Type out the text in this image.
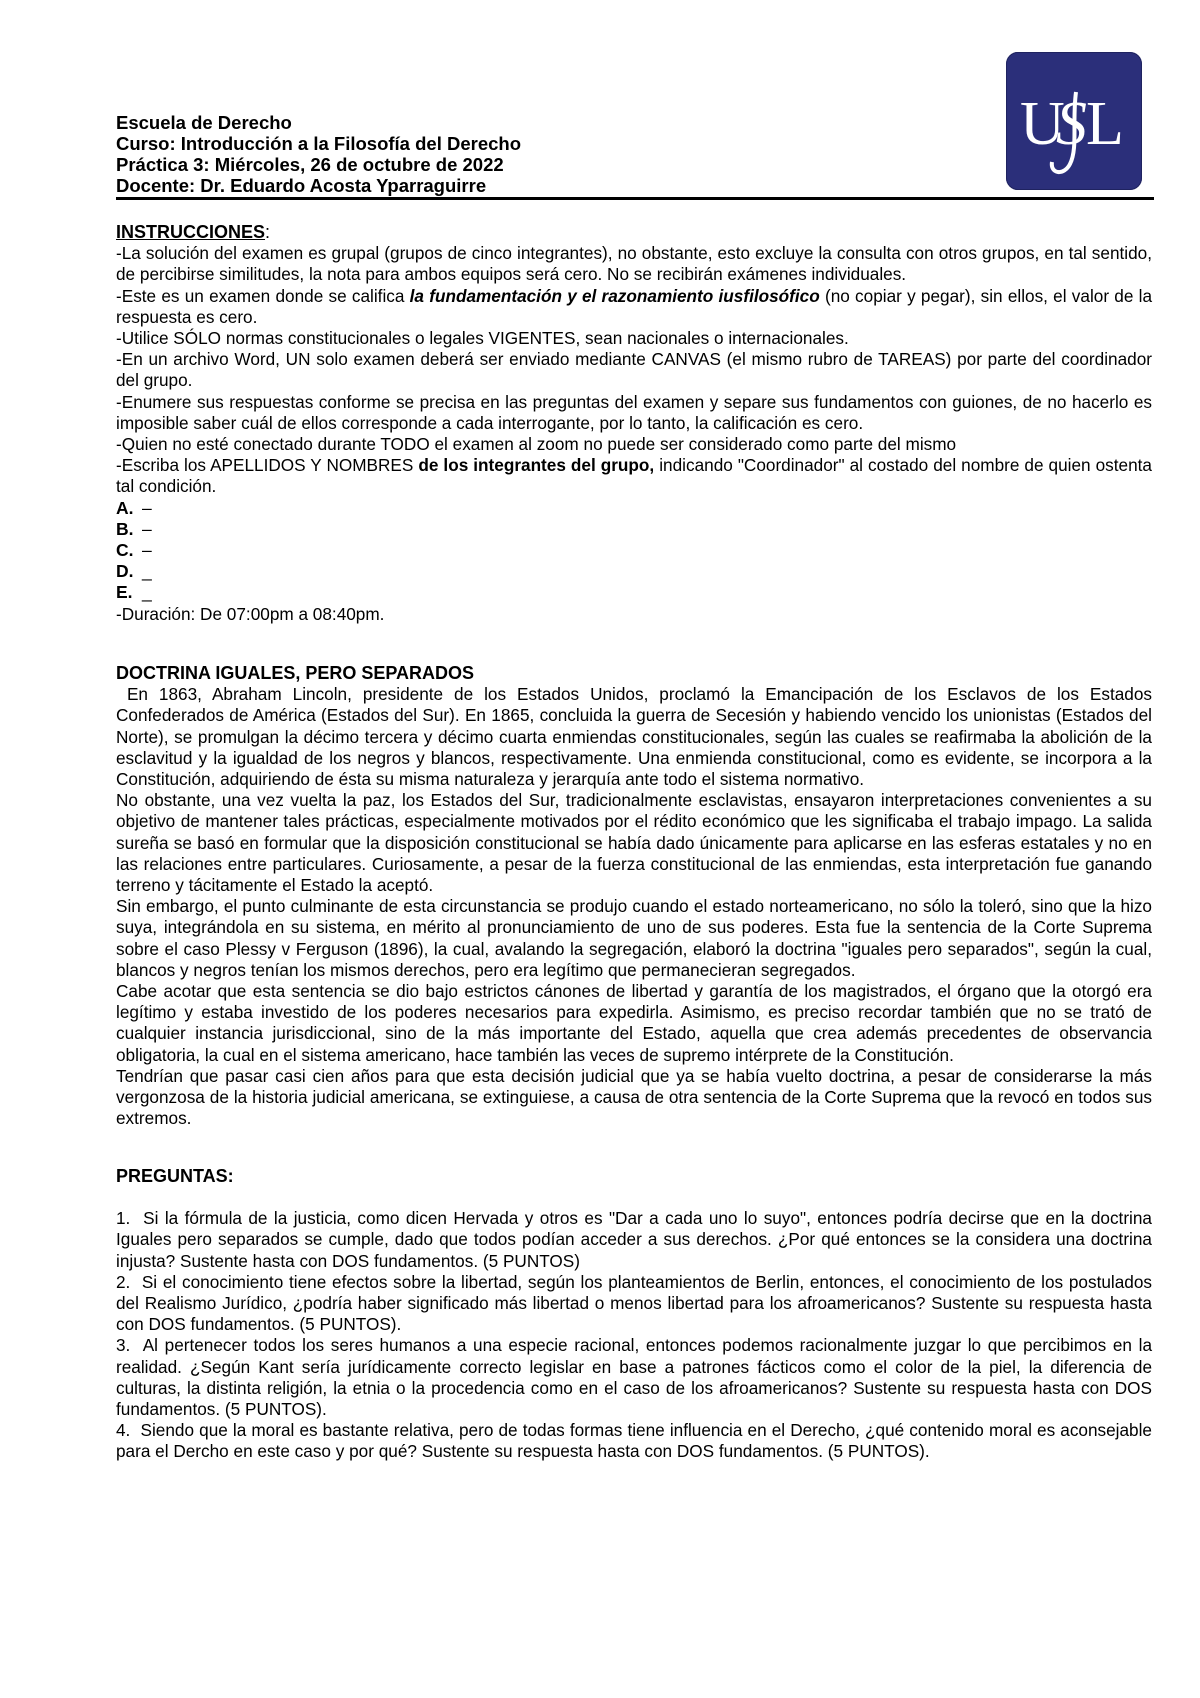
U
S L
Escuela de Derecho
Curso: Introducción a la Filosofía del Derecho
Práctica 3: Miércoles, 26 de octubre de 2022
Docente: Dr. Eduardo Acosta Yparraguirre

INSTRUCCIONES:

-La solución del examen es grupal (grupos de cinco integrantes), no obstante, esto excluye la consulta con otros grupos, en tal sentido, de percibirse similitudes, la nota para ambos equipos será cero. No se recibirán exámenes individuales.

-Este es un examen donde se califica la fundamentación y el razonamiento iusfilosófico (no copiar y pegar), sin ellos, el valor de la respuesta es cero.

-Utilice SÓLO normas constitucionales o legales VIGENTES, sean nacionales o internacionales.

-En un archivo Word, UN solo examen deberá ser enviado mediante CANVAS (el mismo rubro de TAREAS) por parte del coordinador del grupo.

-Enumere sus respuestas conforme se precisa en las preguntas del examen y separe sus fundamentos con guiones, de no hacerlo es imposible saber cuál de ellos corresponde a cada interrogante, por lo tanto, la calificación es cero.

-Quien no esté conectado durante TODO el examen al zoom no puede ser considerado como parte del mismo

-Escriba los APELLIDOS Y NOMBRES de los integrantes del grupo, indicando "Coordinador" al costado del nombre de quien ostenta tal condición.

A. –
B. –
C. –
D. _
E. _

-Duración: De 07:00pm a 08:40pm.

DOCTRINA IGUALES, PERO SEPARADOS

En 1863, Abraham Lincoln, presidente de los Estados Unidos, proclamó la Emancipación de los Esclavos de los Estados Confederados de América (Estados del Sur). En 1865, concluida la guerra de Secesión y habiendo vencido los unionistas (Estados del Norte), se promulgan la décimo tercera y décimo cuarta enmiendas constitucionales, según las cuales se reafirmaba la abolición de la esclavitud y la igualdad de los negros y blancos, respectivamente. Una enmienda constitucional, como es evidente, se incorpora a la Constitución, adquiriendo de ésta su misma naturaleza y jerarquía ante todo el sistema normativo.

No obstante, una vez vuelta la paz, los Estados del Sur, tradicionalmente esclavistas, ensayaron interpretaciones convenientes a su objetivo de mantener tales prácticas, especialmente motivados por el rédito económico que les significaba el trabajo impago. La salida sureña se basó en formular que la disposición constitucional se había dado únicamente para aplicarse en las esferas estatales y no en las relaciones entre particulares. Curiosamente, a pesar de la fuerza constitucional de las enmiendas, esta interpretación fue ganando terreno y tácitamente el Estado la aceptó.

Sin embargo, el punto culminante de esta circunstancia se produjo cuando el estado norteamericano, no sólo la toleró, sino que la hizo suya, integrándola en su sistema, en mérito al pronunciamiento de uno de sus poderes. Esta fue la sentencia de la Corte Suprema sobre el caso Plessy v Ferguson (1896), la cual, avalando la segregación, elaboró la doctrina "iguales pero separados", según la cual, blancos y negros tenían los mismos derechos, pero era legítimo que permanecieran segregados.

Cabe acotar que esta sentencia se dio bajo estrictos cánones de libertad y garantía de los magistrados, el órgano que la otorgó era legítimo y estaba investido de los poderes necesarios para expedirla. Asimismo, es preciso recordar también que no se trató de cualquier instancia jurisdiccional, sino de la más importante del Estado, aquella que crea además precedentes de observancia obligatoria, la cual en el sistema americano, hace también las veces de supremo intérprete de la Constitución.

Tendrían que pasar casi cien años para que esta decisión judicial que ya se había vuelto doctrina, a pesar de considerarse la más vergonzosa de la historia judicial americana, se extinguiese, a causa de otra sentencia de la Corte Suprema que la revocó en todos sus extremos.

PREGUNTAS:

1.  Si la fórmula de la justicia, como dicen Hervada y otros es "Dar a cada uno lo suyo", entonces podría decirse que en la doctrina Iguales pero separados se cumple, dado que todos podían acceder a sus derechos. ¿Por qué entonces se la considera una doctrina injusta? Sustente hasta con DOS fundamentos. (5 PUNTOS)

2.  Si el conocimiento tiene efectos sobre la libertad, según los planteamientos de Berlin, entonces, el conocimiento de los postulados del Realismo Jurídico, ¿podría haber significado más libertad o menos libertad para los afroamericanos? Sustente su respuesta hasta con DOS fundamentos. (5 PUNTOS).

3.  Al pertenecer todos los seres humanos a una especie racional, entonces podemos racionalmente juzgar lo que percibimos en la realidad. ¿Según Kant sería jurídicamente correcto legislar en base a patrones fácticos como el color de la piel, la diferencia de culturas, la distinta religión, la etnia o la procedencia como en el caso de los afroamericanos? Sustente su respuesta hasta con DOS fundamentos. (5 PUNTOS).

4.  Siendo que la moral es bastante relativa, pero de todas formas tiene influencia en el Derecho, ¿qué contenido moral es aconsejable para el Dercho en este caso y por qué? Sustente su respuesta hasta con DOS fundamentos. (5 PUNTOS).
